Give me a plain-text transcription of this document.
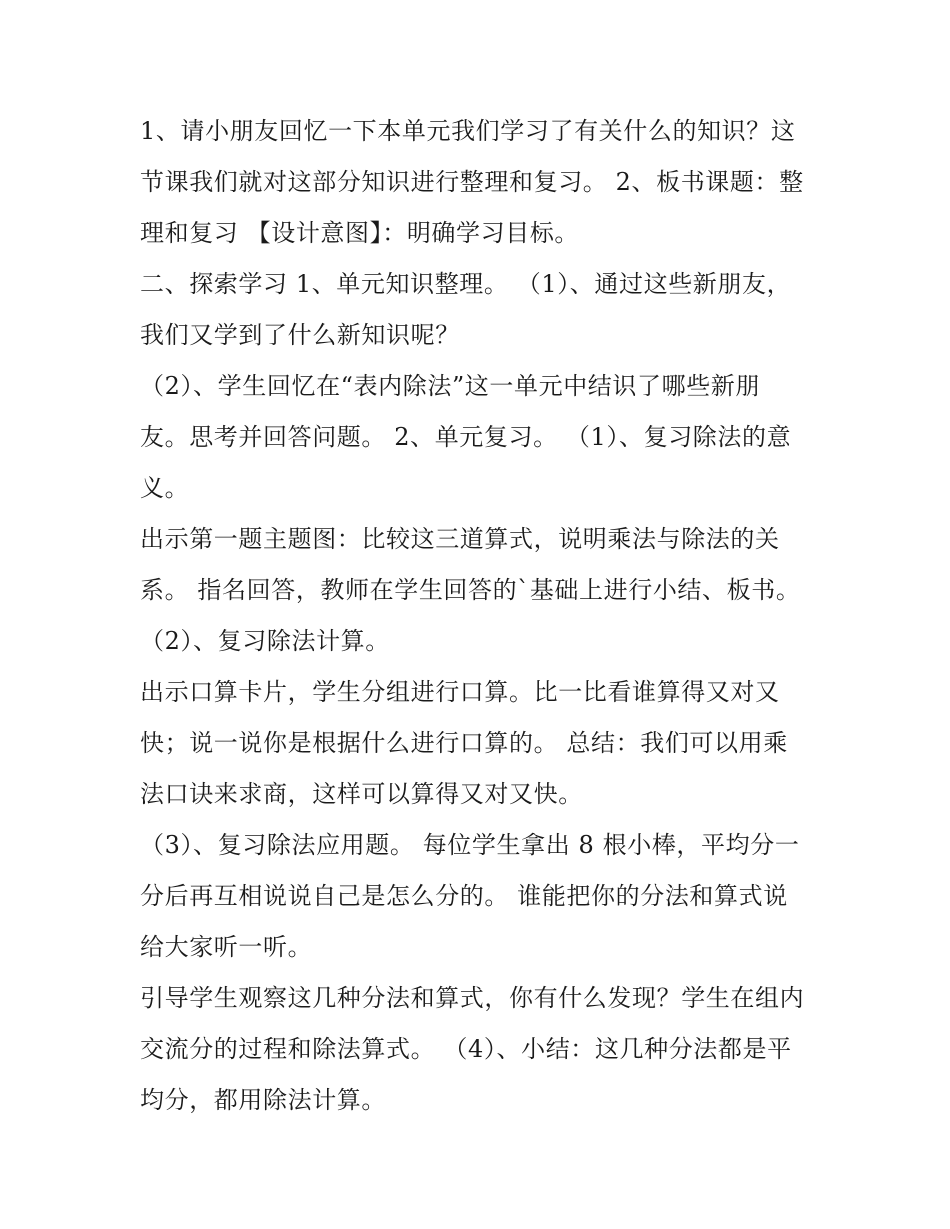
1、请小朋友回忆一下本单元我们学习了有关什么的知识？这
节课我们就对这部分知识进行整理和复习。 2、板书课题：整
理和复习 【设计意图】：明确学习目标。

二、探索学习 1、单元知识整理。 （1）、通过这些新朋友，
我们又学到了什么新知识呢？

（2）、学生回忆在“表内除法”这一单元中结识了哪些新朋
友。思考并回答问题。 2、单元复习。 （1）、复习除法的意
义。

出示第一题主题图：比较这三道算式，说明乘法与除法的关
系。 指名回答，教师在学生回答的`基础上进行小结、板书。
（2）、复习除法计算。

出示口算卡片，学生分组进行口算。比一比看谁算得又对又
快；说一说你是根据什么进行口算的。 总结：我们可以用乘
法口诀来求商，这样可以算得又对又快。

（3）、复习除法应用题。 每位学生拿出 8 根小棒，平均分一
分后再互相说说自己是怎么分的。 谁能把你的分法和算式说
给大家听一听。

引导学生观察这几种分法和算式，你有什么发现？学生在组内
交流分的过程和除法算式。 （4）、小结：这几种分法都是平
均分，都用除法计算。
